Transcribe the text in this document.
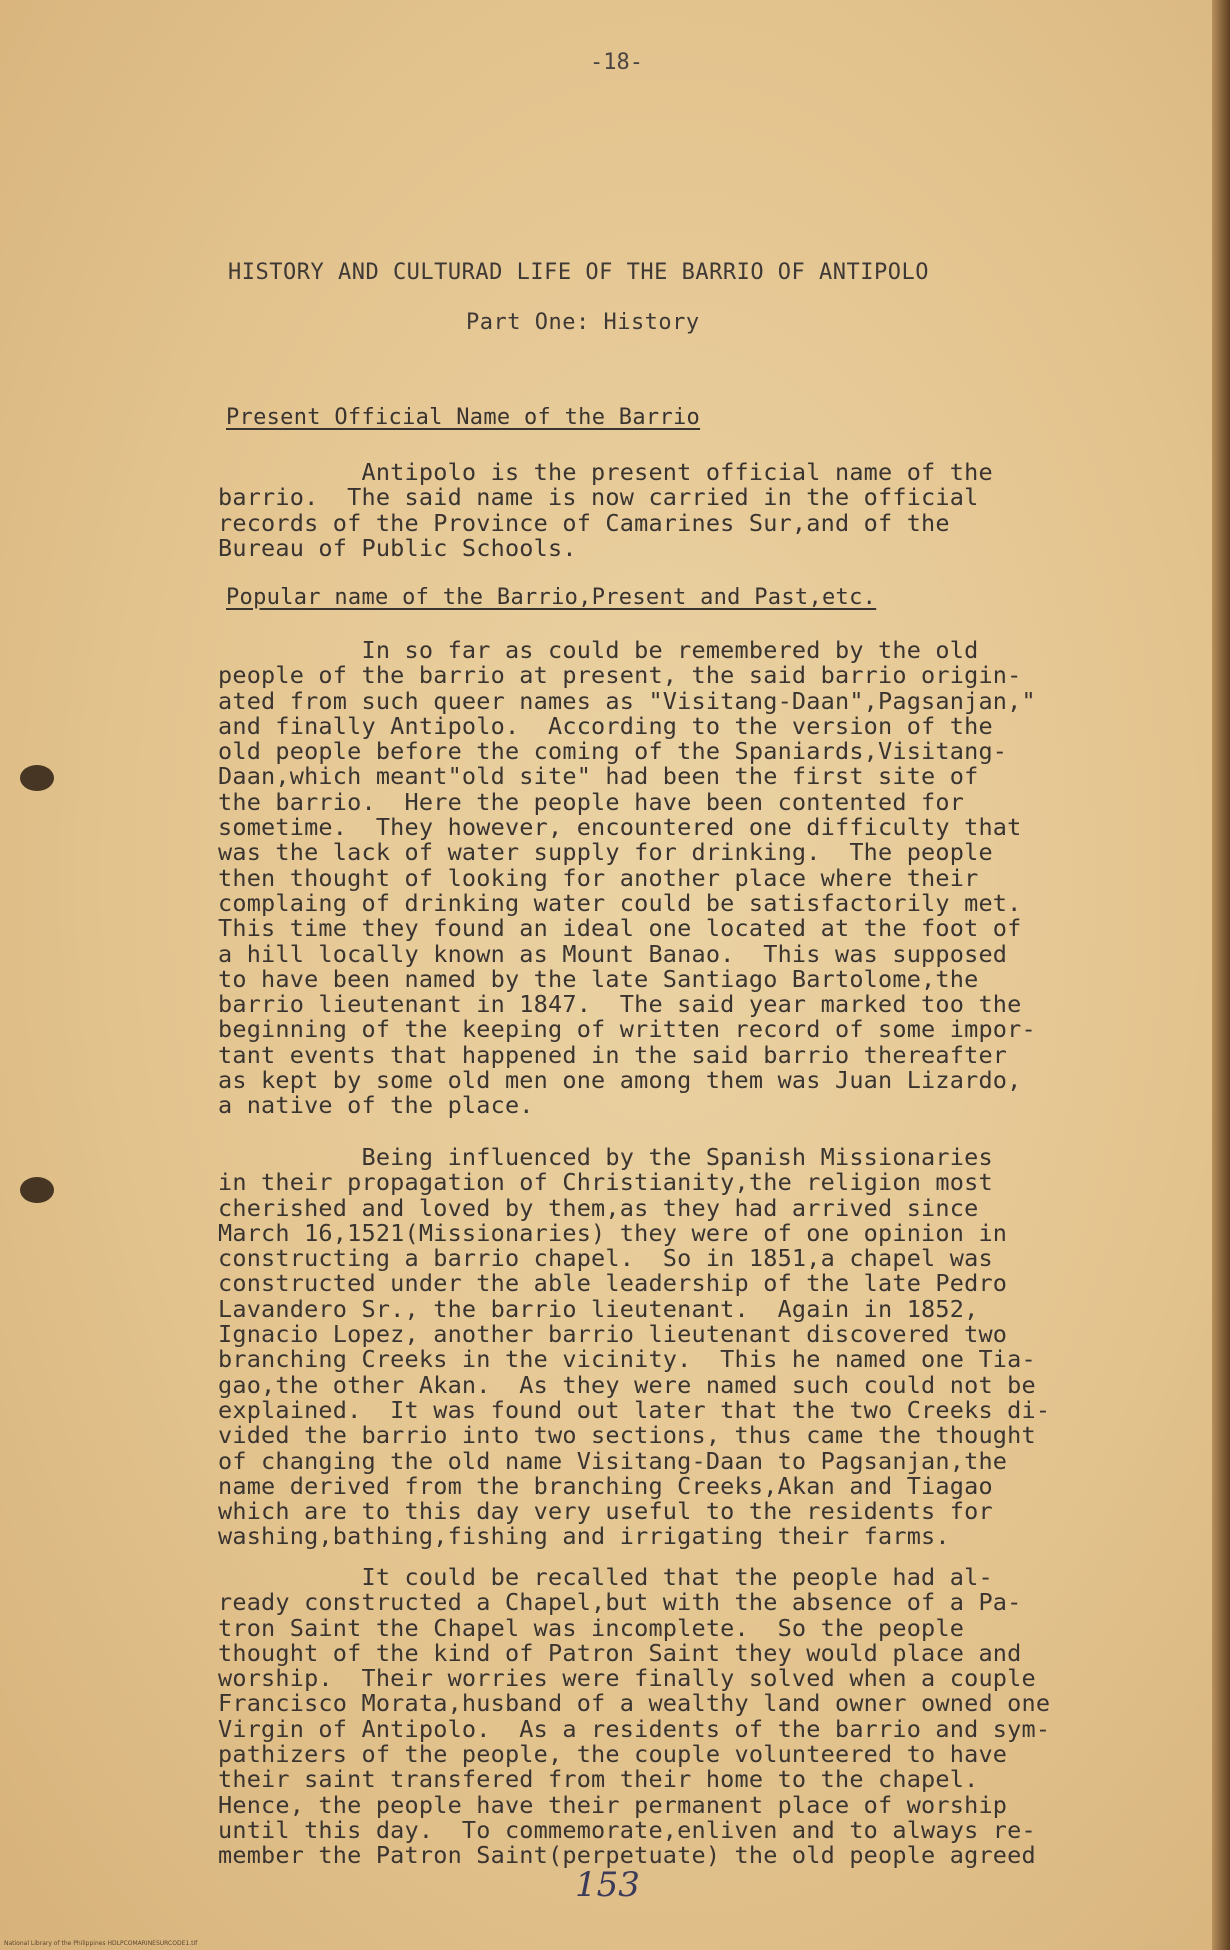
-18-
HISTORY AND CULTURAD LIFE OF THE BARRIO OF ANTIPOLO
Part One: History
Present Official Name of the Barrio
Antipolo is the present official name of the
barrio.  The said name is now carried in the official
records of the Province of Camarines Sur,and of the
Bureau of Public Schools.
Popular name of the Barrio,Present and Past,etc.
In so far as could be remembered by the old
people of the barrio at present, the said barrio origin-
ated from such queer names as "Visitang-Daan",Pagsanjan,"
and finally Antipolo.  According to the version of the
old people before the coming of the Spaniards,Visitang-
Daan,which meant"old site" had been the first site of
the barrio.  Here the people have been contented for
sometime.  They however, encountered one difficulty that
was the lack of water supply for drinking.  The people
then thought of looking for another place where their
complaing of drinking water could be satisfactorily met.
This time they found an ideal one located at the foot of
a hill locally known as Mount Banao.  This was supposed
to have been named by the late Santiago Bartolome,the
barrio lieutenant in 1847.  The said year marked too the
beginning of the keeping of written record of some impor-
tant events that happened in the said barrio thereafter
as kept by some old men one among them was Juan Lizardo,
a native of the place.
Being influenced by the Spanish Missionaries
in their propagation of Christianity,the religion most
cherished and loved by them,as they had arrived since
March 16,1521(Missionaries) they were of one opinion in
constructing a barrio chapel.  So in 1851,a chapel was
constructed under the able leadership of the late Pedro
Lavandero Sr., the barrio lieutenant.  Again in 1852,
Ignacio Lopez, another barrio lieutenant discovered two
branching Creeks in the vicinity.  This he named one Tia-
gao,the other Akan.  As they were named such could not be
explained.  It was found out later that the two Creeks di-
vided the barrio into two sections, thus came the thought
of changing the old name Visitang-Daan to Pagsanjan,the
name derived from the branching Creeks,Akan and Tiagao
which are to this day very useful to the residents for
washing,bathing,fishing and irrigating their farms.
It could be recalled that the people had al-
ready constructed a Chapel,but with the absence of a Pa-
tron Saint the Chapel was incomplete.  So the people
thought of the kind of Patron Saint they would place and
worship.  Their worries were finally solved when a couple
Francisco Morata,husband of a wealthy land owner owned one
Virgin of Antipolo.  As a residents of the barrio and sym-
pathizers of the people, the couple volunteered to have
their saint transfered from their home to the chapel.
Hence, the people have their permanent place of worship
until this day.  To commemorate,enliven and to always re-
member the Patron Saint(perpetuate) the old people agreed
153
National Library of the Philippines HDLPCOMARINESURCODE1.tif
